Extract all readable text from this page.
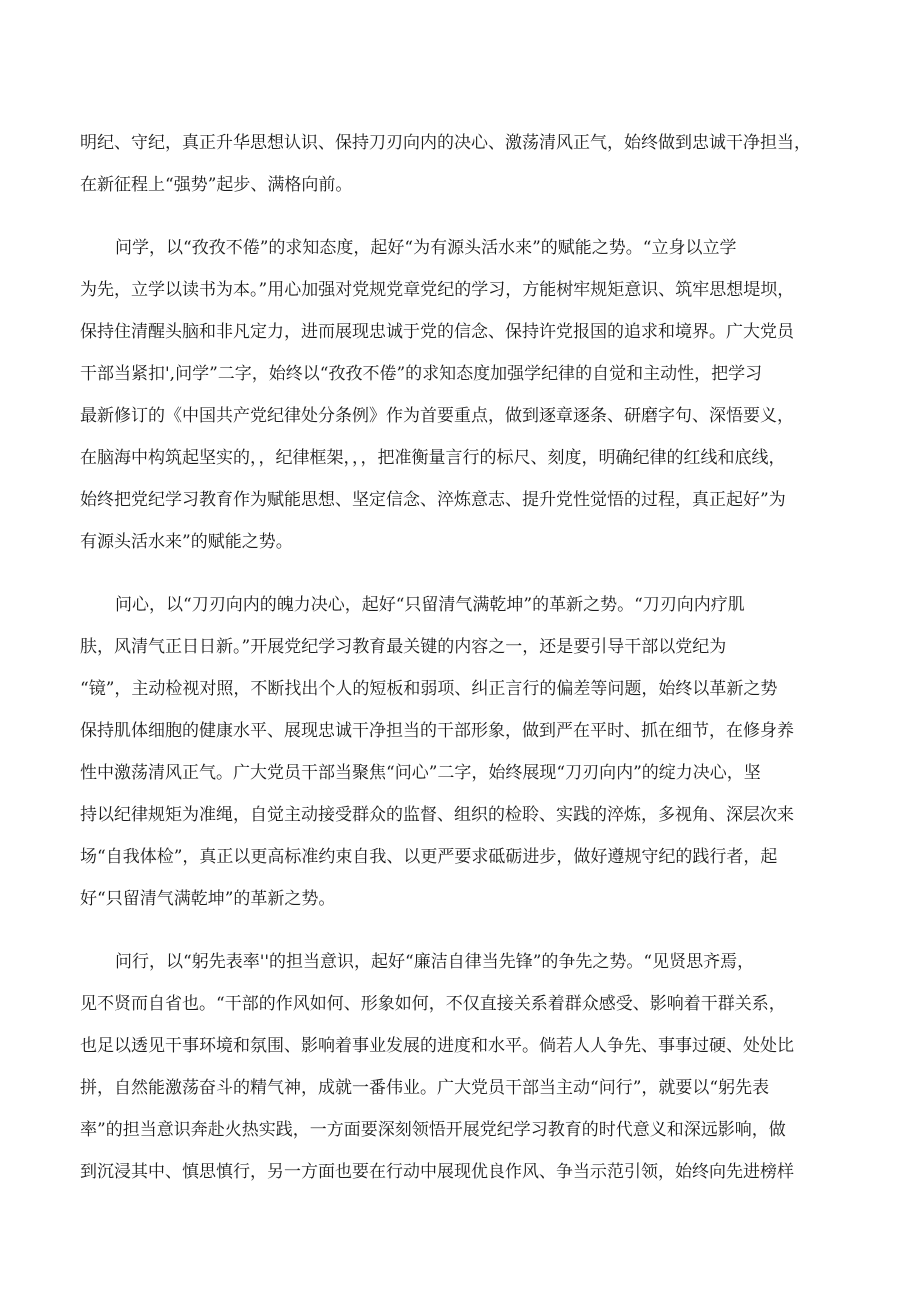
明纪、守纪，真正升华思想认识、保持刀刃向内的决心、激荡清风正气，始终做到忠诚干净担当，
在新征程上“强势”起步、满格向前。
问学，以“孜孜不倦”的求知态度，起好“为有源头活水来”的赋能之势。“立身以立学
为先，立学以读书为本。”用心加强对党规党章党纪的学习，方能树牢规矩意识、筑牢思想堤坝，
保持住清醒头脑和非凡定力，进而展现忠诚于党的信念、保持许党报国的追求和境界。广大党员
干部当紧扣',问学”二字，始终以“孜孜不倦”的求知态度加强学纪律的自觉和主动性，把学习
最新修订的《中国共产党纪律处分条例》作为首要重点，做到逐章逐条、研磨字句、深悟要义，
在脑海中构筑起坚实的，，纪律框架，，，把准衡量言行的标尺、刻度，明确纪律的红线和底线，
始终把党纪学习教育作为赋能思想、坚定信念、淬炼意志、提升党性觉悟的过程，真正起好”为
有源头活水来”的赋能之势。
问心，以“刀刃向内的魄力决心，起好“只留清气满乾坤”的革新之势。“刀刃向内疗肌
肤，风清气正日日新。”开展党纪学习教育最关键的内容之一，还是要引导干部以党纪为
“镜”，主动检视对照，不断找出个人的短板和弱项、纠正言行的偏差等问题，始终以革新之势
保持肌体细胞的健康水平、展现忠诚干净担当的干部形象，做到严在平时、抓在细节，在修身养
性中激荡清风正气。广大党员干部当聚焦“问心”二字，始终展现“刀刃向内”的绽力决心，坚
持以纪律规矩为准绳，自觉主动接受群众的监督、组织的检聆、实践的淬炼，多视角、深层次来
场“自我体检”，真正以更高标准约束自我、以更严要求砥砺进步，做好遵规守纪的践行者，起
好“只留清气满乾坤”的革新之势。
问行，以“躬先表率''的担当意识，起好“廉洁自律当先锋”的争先之势。“见贤思齐焉，
见不贤而自省也。“干部的作风如何、形象如何，不仅直接关系着群众感受、影响着干群关系，
也足以透见干事环境和氛围、影响着事业发展的进度和水平。倘若人人争先、事事过硬、处处比
拼，自然能激荡奋斗的精气神，成就一番伟业。广大党员干部当主动“问行”，就要以“躬先表
率”的担当意识奔赴火热实践，一方面要深刻领悟开展党纪学习教育的时代意义和深远影响，做
到沉浸其中、慎思慎行，另一方面也要在行动中展现优良作风、争当示范引领，始终向先进榜样
